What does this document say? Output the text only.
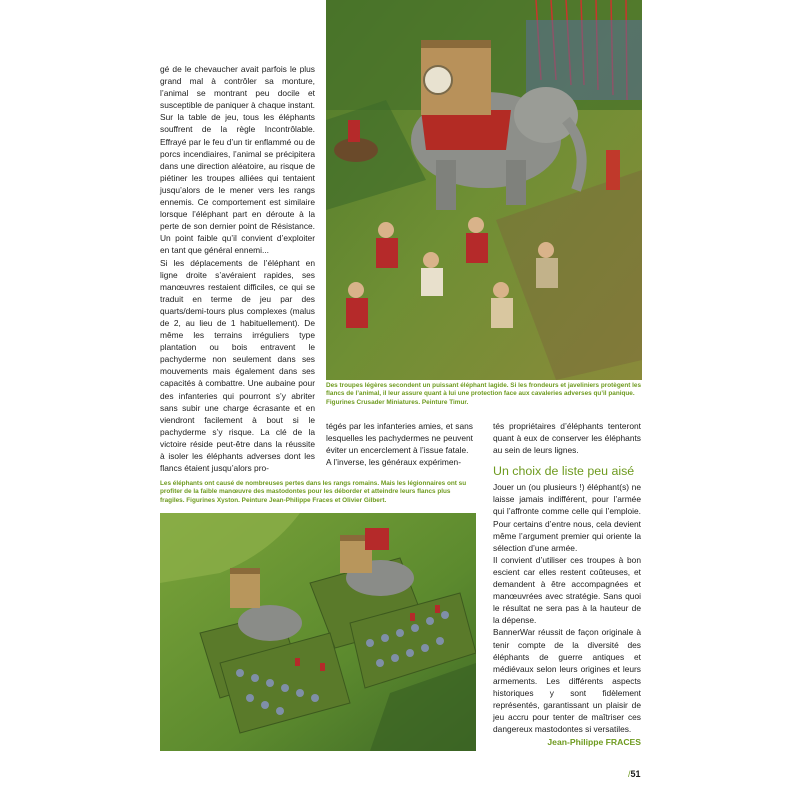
gé de le chevaucher avait parfois le plus grand mal à contrôler sa monture, l’animal se montrant peu docile et susceptible de paniquer à chaque instant. Sur la table de jeu, tous les éléphants souffrent de la règle Incontrôlable. Effrayé par le feu d’un tir enflammé ou de porcs incendiaires, l’animal se précipitera dans une direction aléatoire, au risque de piétiner les troupes alliées qui tentaient jusqu’alors de le mener vers les rangs ennemis. Ce comportement est similaire lorsque l’éléphant part en déroute à la perte de son dernier point de Résistance. Un point faible qu’il convient d’exploiter en tant que général ennemi...

Si les déplacements de l’éléphant en ligne droite s’avéraient rapides, ses manœuvres restaient difficiles, ce qui se traduit en terme de jeu par des quarts/demi-tours plus complexes (malus de 2, au lieu de 1 habituellement). De même les terrains irréguliers type plantation ou bois entravent le pachyderme non seulement dans ses mouvements mais également dans ses capacités à combattre. Une aubaine pour des infanteries qui pourront s’y abriter sans subir une charge écrasante et en viendront facilement à bout si le pachyderme s’y risque. La clé de la victoire réside peut-être dans la réussite à isoler les éléphants adverses dont les flancs étaient jusqu’alors pro-

Des troupes légères secondent un puissant éléphant lagide. Si les frondeurs et javeliniers protègent les flancs de l’animal, il leur assure quant à lui une protection face aux cavaleries adverses qu’il panique. Figurines Crusader Miniatures. Peinture Timur.

tégés par les infanteries amies, et sans lesquelles les pachydermes ne peuvent éviter un encerclement à l’issue fatale.

A l’inverse, les généraux expérimen-

tés propriétaires d’éléphants tenteront quant à eux de conserver les éléphants au sein de leurs lignes.

Un choix de liste peu aisé

Jouer un (ou plusieurs !) éléphant(s) ne laisse jamais indifférent, pour l’armée qui l’affronte comme celle qui l’emploie. Pour certains d’entre nous, cela devient même l’argument premier qui oriente la sélection d’une armée.

Il convient d’utiliser ces troupes à bon escient car elles restent coûteuses, et demandent à être accompagnées et manœuvrées avec stratégie. Sans quoi le résultat ne sera pas à la hauteur de la dépense.

BannerWar réussit de façon originale à tenir compte de la diversité des éléphants de guerre antiques et médiévaux selon leurs origines et leurs armements. Les différents aspects historiques y sont fidèlement représentés, garantissant un plaisir de jeu accru pour tenter de maîtriser ces dangereux mastodontes si versatiles.

Jean-Philippe FRACES

Les éléphants ont causé de nombreuses pertes dans les rangs romains. Mais les légionnaires ont su profiter de la faible manœuvre des mastodontes pour les déborder et atteindre leurs flancs plus fragiles. Figurines Xyston. Peinture Jean-Philippe Fraces et Olivier Gilbert.

/51
